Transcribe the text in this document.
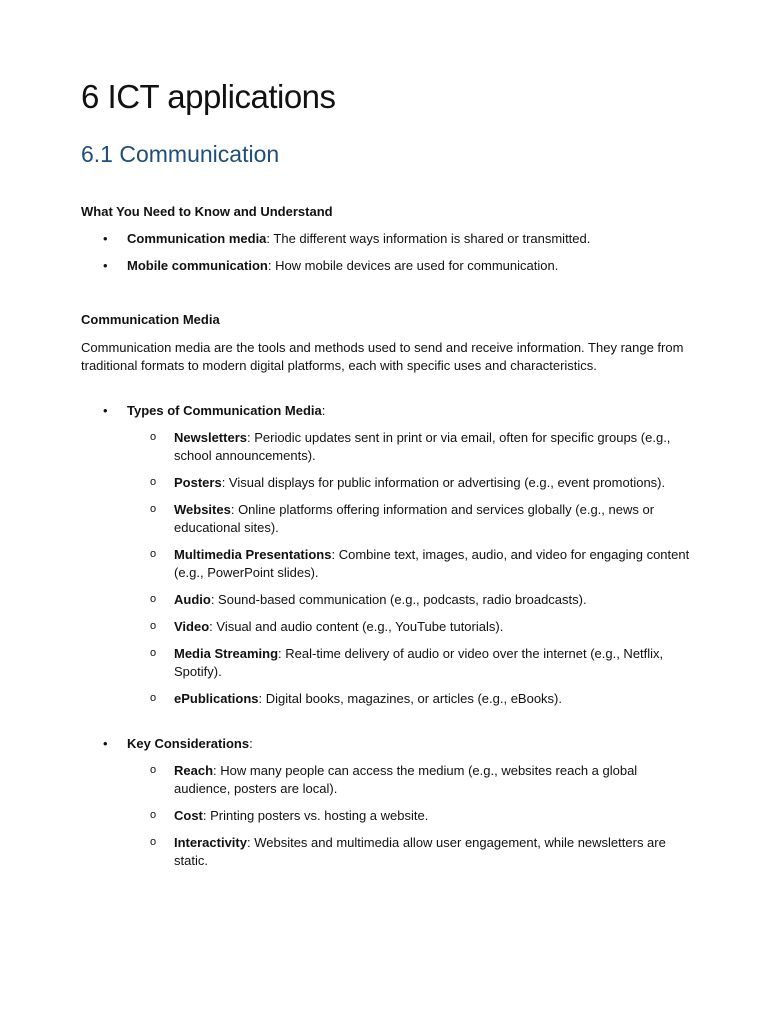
6 ICT applications
6.1 Communication

What You Need to Know and Understand

• Communication media: The different ways information is shared or transmitted.
• Mobile communication: How mobile devices are used for communication.

Communication Media

Communication media are the tools and methods used to send and receive information. They range from traditional formats to modern digital platforms, each with specific uses and characteristics.

• Types of Communication Media:
o Newsletters: Periodic updates sent in print or via email, often for specific groups (e.g., school announcements).
o Posters: Visual displays for public information or advertising (e.g., event promotions).
o Websites: Online platforms offering information and services globally (e.g., news or educational sites).
o Multimedia Presentations: Combine text, images, audio, and video for engaging content (e.g., PowerPoint slides).
o Audio: Sound-based communication (e.g., podcasts, radio broadcasts).
o Video: Visual and audio content (e.g., YouTube tutorials).
o Media Streaming: Real-time delivery of audio or video over the internet (e.g., Netflix, Spotify).
o ePublications: Digital books, magazines, or articles (e.g., eBooks).
• Key Considerations:
o Reach: How many people can access the medium (e.g., websites reach a global audience, posters are local).
o Cost: Printing posters vs. hosting a website.
o Interactivity: Websites and multimedia allow user engagement, while newsletters are static.
